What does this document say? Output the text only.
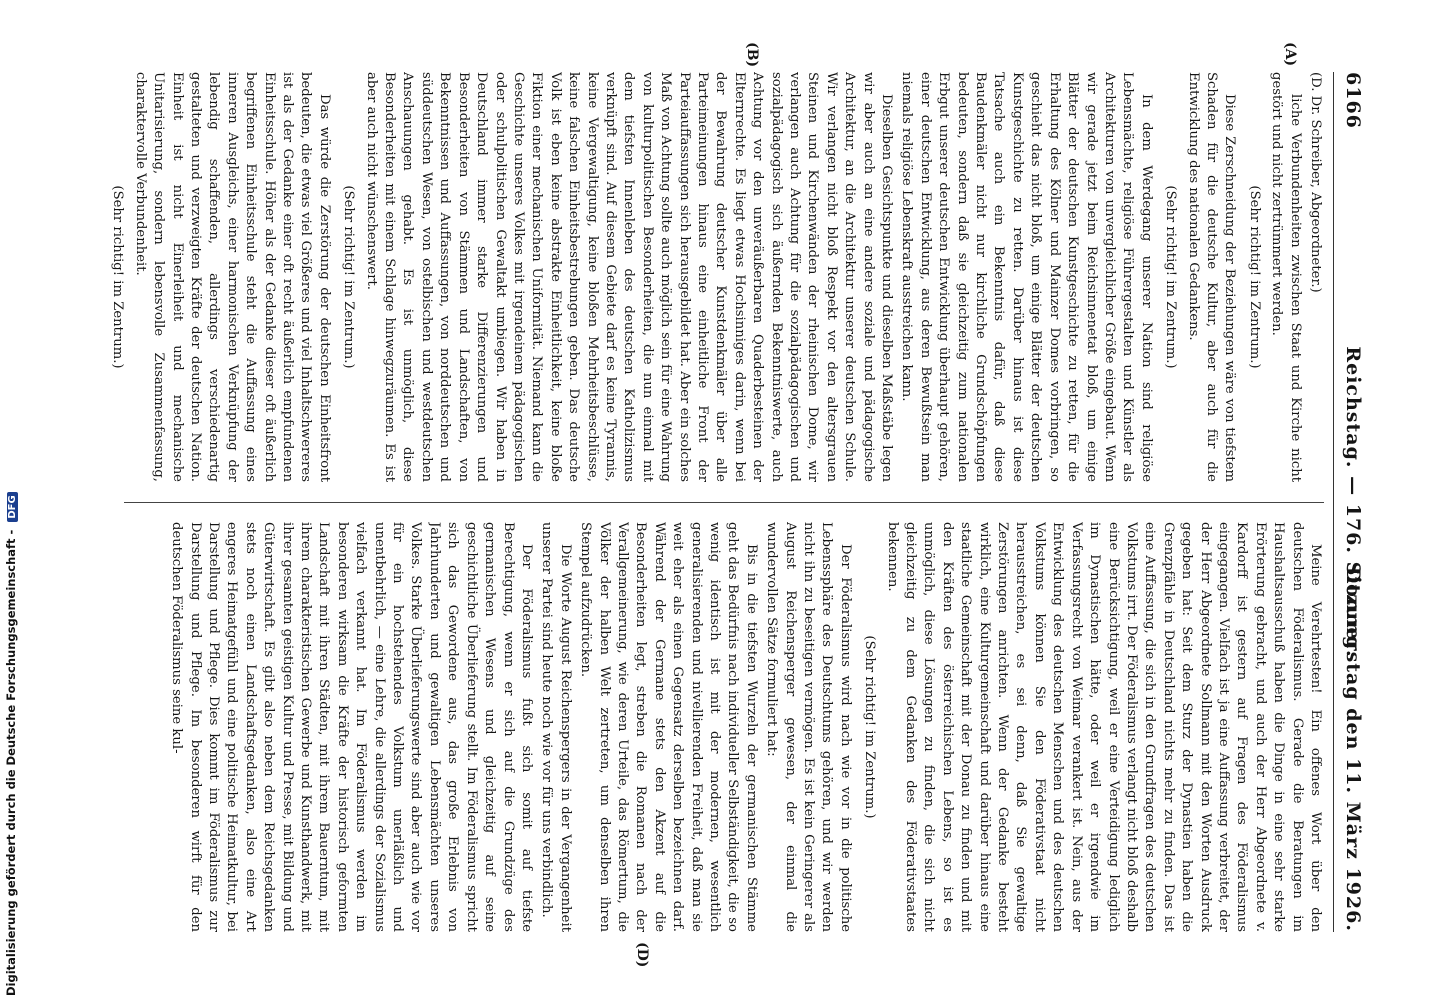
6166
Reichstag. — 176. Sitzung.
Donnerstag den 11. März 1926.
(A)
(B)
(D)

(D. Dr. Schreiber, Abgeordneter.)

liche Verbundenheiten zwischen Staat und Kirche nicht gestört und nicht zertrümmert werden.

(Sehr richtig! im Zentrum.)

Diese Zerschneidung der Beziehungen wäre von tiefstem Schaden für die deutsche Kultur, aber auch für die Entwicklung des nationalen Gedankens.

(Sehr richtig! im Zentrum.)

In dem Werdegang unserer Nation sind religiöse Lebensmächte, religiöse Führergestalten und Künstler als Architekturen von unvergleichlicher Größe eingebaut. Wenn wir gerade jetzt beim Reichsinnenetat bloß, um einige Blätter der deutschen Kunstgeschichte zu retten, für die Erhaltung des Kölner und Mainzer Domes vorbringen, so geschieht das nicht bloß, um einige Blätter der deutschen Kunstgeschichte zu retten. Darüber hinaus ist diese Tatsache auch ein Bekenntnis dafür, daß diese Baudenkmäler nicht nur kirchliche Grundschöpfungen bedeuten, sondern daß sie gleichzeitig zum nationalen Erbgut unserer deutschen Entwicklung überhaupt gehören, einer deutschen Entwicklung, aus deren Bewußtsein man niemals religiöse Lebenskraft ausstreichen kann.

Dieselben Gesichtspunkte und dieselben Maßstäbe legen wir aber auch an eine andere soziale und pädagogische Architektur, an die Architektur unserer deutschen Schule. Wir verlangen nicht bloß Respekt vor den altersgrauen Steinen und Kirchenwänden der rheinischen Dome, wir verlangen auch Achtung für die sozialpädagogischen und sozialpädagogisch sich äußernden Bekenntniswerte, auch Achtung vor den unveräußerbaren Quaderbesteinen der Elternrechte. Es liegt etwas Hochsinniges darin, wenn bei der Bewahrung deutscher Kunstdenkmäler über alle Parteimeinungen hinaus eine einheitliche Front der Parteiauffassungen sich herausgebildet hat. Aber ein solches Maß von Achtung sollte auch möglich sein für eine Wahrung von kulturpolitischen Besonderheiten, die nun einmal mit dem tiefsten Innenleben des deutschen Katholizismus verknüpft sind. Auf diesem Gebiete darf es keine Tyrannis, keine Vergewaltigung, keine bloßen Mehrheitsbeschlüsse, keine falschen Einheitsbestrebungen geben. Das deutsche Volk ist eben keine abstrakte Einheitlichkeit, keine bloße Fiktion einer mechanischen Uniformität. Niemand kann die Geschichte unseres Volkes mit irgendeinem pädagogischen oder schulpolitischen Gewaltakt umbiegen. Wir haben in Deutschland immer starke Differenzierungen und Besonderheiten von Stämmen und Landschaften, von Bekenntnissen und Auffassungen, von norddeutschen und süddeutschen Wesen, von ostelbischen und westdeutschen Anschauungen gehabt. Es ist unmöglich, diese Besonderheiten mit einem Schlage hinwegzuräumen. Es ist aber auch nicht wünschenswert.

(Sehr richtig! im Zentrum.)

Das würde die Zerstörung der deutschen Einheitsfront bedeuten, die etwas viel Größeres und viel Inhaltschwereres ist als der Gedanke einer oft recht äußerlich empfundenen Einheitsschule. Höher als der Gedanke dieser oft äußerlich begriffenen Einheitsschule steht die Auffassung eines inneren Ausgleichs, einer harmonischen Verknüpfung der lebendig schaffenden, allerdings verschiedenartig gestalteten und verzweigten Kräfte der deutschen Nation. Einheit ist nicht Einerleiheit und mechanische Unitarisierung, sondern lebensvolle Zusammenfassung, charaktervolle Verbundenheit.

(Sehr richtig! im Zentrum.)

Meine Verehrtesten! Ein offenes Wort über den deutschen Föderalismus. Gerade die Beratungen im Haushaltsausschuß haben die Dinge in eine sehr starke Erörterung gebracht, und auch der Herr Abgeordnete v. Kardorff ist gestern auf Fragen des Föderalismus eingegangen. Vielfach ist ja eine Auffassung verbreitet, der der Herr Abgeordnete Sollmann mit den Worten Ausdruck gegeben hat: Seit dem Sturz der Dynastien haben die Grenzpfähle in Deutschland nichts mehr zu finden. Das ist eine Auffassung, die sich in den Grundfragen des deutschen Volkstums irrt. Der Föderalismus verlangt nicht bloß deshalb eine Berücksichtigung, weil er eine Verteidigung lediglich im Dynastischen hätte, oder weil er irgendwie im Verfassungsrecht von Weimar verankert ist. Nein, aus der Entwicklung des deutschen Menschen und des deutschen Volkstums können Sie den Föderativstaat nicht herausstreichen, es sei denn, daß Sie gewaltige Zerstörungen anrichten. Wenn der Gedanke besteht wirklich, eine Kulturgemeinschaft und darüber hinaus eine staatliche Gemeinschaft mit der Donau zu finden und mit den Kräften des österreichischen Lebens, so ist es unmöglich, diese Lösungen zu finden, die sich nicht gleichzeitig zu dem Gedanken des Föderativstaates bekennen.

(Sehr richtig! im Zentrum.)

Der Föderalismus wird nach wie vor in die politische Lebenssphäre des Deutschtums gehören, und wir werden nicht ihn zu beseitigen vermögen. Es ist kein Geringerer als August Reichensperger gewesen, der einmal die wundervollen Sätze formuliert hat:

Bis in die tiefsten Wurzeln der germanischen Stämme geht das Bedürfnis nach individueller Selbständigkeit, die so wenig identisch ist mit der modernen, wesentlich generalisierenden und nivellierenden Freiheit, daß man sie weit eher als einen Gegensatz derselben bezeichnen darf. Während der Germane stets den Akzent auf die Besonderheiten legt, streben die Romanen nach der Verallgemeinerung, wie deren Urteile, das Römertum, die Völker der halben Welt zertreten, um denselben ihren Stempel aufzudrücken.

Die Worte August Reichenspergers in der Vergangenheit unserer Partei sind heute noch wie vor für uns verbindlich.

Der Föderalismus fußt sich somit auf tiefste Berechtigung, wenn er sich auf die Grundzüge des germanischen Wesens und gleichzeitig auf seine geschichtliche Überlieferung stellt. Im Föderalismus spricht sich das Gewordene aus, das große Erlebnis von Jahrhunderten und gewaltigen Lebensmächten unseres Volkes. Starke Überlieferungswerte sind aber auch wie vor für ein hochstehendes Volkstum unerläßlich und unentbehrlich, — eine Lehre, die allerdings der Sozialismus vielfach verkannt hat. Im Föderalismus werden im besonderen wirksam die Kräfte der historisch geformten Landschaft mit ihren Städten, mit ihrem Bauerntum, mit ihrem charakteristischen Gewerbe und Kunsthandwerk, mit ihrer gesamten geistigen Kultur und Presse, mit Bildung und Güterwirtschaft. Es gibt also neben dem Reichsgedanken stets noch einen Landschaftsgedanken, also eine Art engeres Heimatgefühl und eine politische Heimatkultur, bei Darstellung und Pflege. Dies kommt im Föderalismus zur Darstellung und Pflege. Im besonderen wirft für den deutschen Föderalismus seine kul-

Digitalisierung gefördert durch die Deutsche Forschungsgemeinschaft - DFG
